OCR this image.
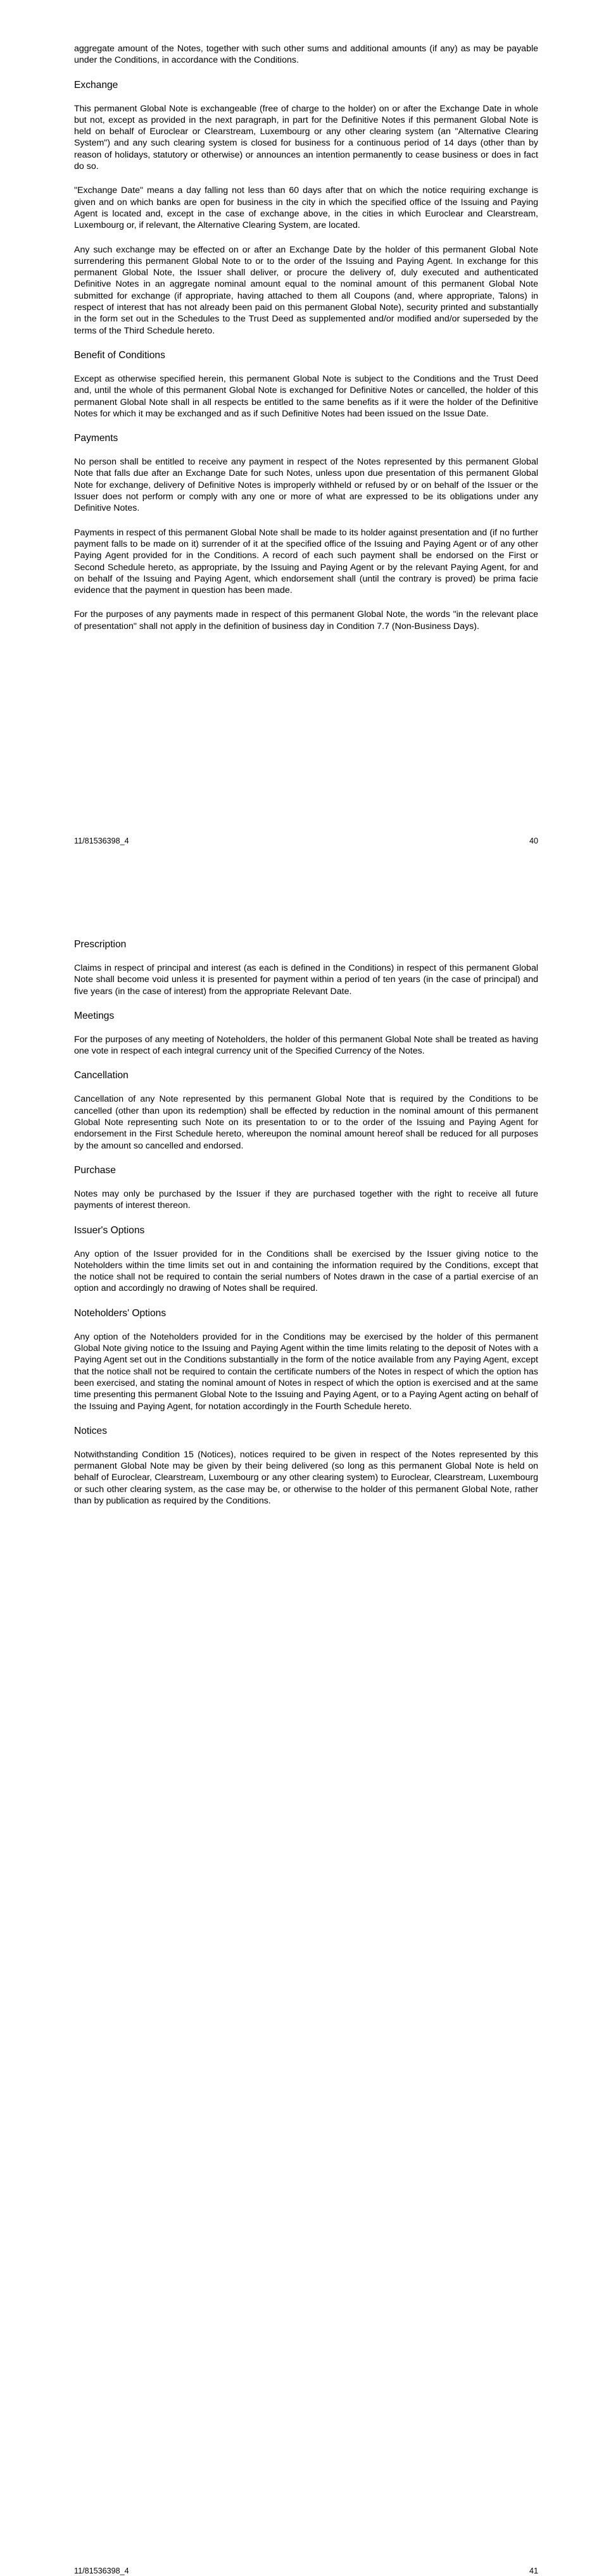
aggregate amount of the Notes, together with such other sums and additional amounts (if any) as may be payable under the Conditions, in accordance with the Conditions.

Exchange

This permanent Global Note is exchangeable (free of charge to the holder) on or after the Exchange Date in whole but not, except as provided in the next paragraph, in part for the Definitive Notes if this permanent Global Note is held on behalf of Euroclear or Clearstream, Luxembourg or any other clearing system (an "Alternative Clearing System") and any such clearing system is closed for business for a continuous period of 14 days (other than by reason of holidays, statutory or otherwise) or announces an intention permanently to cease business or does in fact do so.

"Exchange Date" means a day falling not less than 60 days after that on which the notice requiring exchange is given and on which banks are open for business in the city in which the specified office of the Issuing and Paying Agent is located and, except in the case of exchange above, in the cities in which Euroclear and Clearstream, Luxembourg or, if relevant, the Alternative Clearing System, are located.

Any such exchange may be effected on or after an Exchange Date by the holder of this permanent Global Note surrendering this permanent Global Note to or to the order of the Issuing and Paying Agent. In exchange for this permanent Global Note, the Issuer shall deliver, or procure the delivery of, duly executed and authenticated Definitive Notes in an aggregate nominal amount equal to the nominal amount of this permanent Global Note submitted for exchange (if appropriate, having attached to them all Coupons (and, where appropriate, Talons) in respect of interest that has not already been paid on this permanent Global Note), security printed and substantially in the form set out in the Schedules to the Trust Deed as supplemented and/or modified and/or superseded by the terms of the Third Schedule hereto.

Benefit of Conditions

Except as otherwise specified herein, this permanent Global Note is subject to the Conditions and the Trust Deed and, until the whole of this permanent Global Note is exchanged for Definitive Notes or cancelled, the holder of this permanent Global Note shall in all respects be entitled to the same benefits as if it were the holder of the Definitive Notes for which it may be exchanged and as if such Definitive Notes had been issued on the Issue Date.

Payments

No person shall be entitled to receive any payment in respect of the Notes represented by this permanent Global Note that falls due after an Exchange Date for such Notes, unless upon due presentation of this permanent Global Note for exchange, delivery of Definitive Notes is improperly withheld or refused by or on behalf of the Issuer or the Issuer does not perform or comply with any one or more of what are expressed to be its obligations under any Definitive Notes.

Payments in respect of this permanent Global Note shall be made to its holder against presentation and (if no further payment falls to be made on it) surrender of it at the specified office of the Issuing and Paying Agent or of any other Paying Agent provided for in the Conditions. A record of each such payment shall be endorsed on the First or Second Schedule hereto, as appropriate, by the Issuing and Paying Agent or by the relevant Paying Agent, for and on behalf of the Issuing and Paying Agent, which endorsement shall (until the contrary is proved) be prima facie evidence that the payment in question has been made.

For the purposes of any payments made in respect of this permanent Global Note, the words "in the relevant place of presentation" shall not apply in the definition of business day in Condition 7.7 (Non-Business Days).

11/81536398_4	40
Prescription

Claims in respect of principal and interest (as each is defined in the Conditions) in respect of this permanent Global Note shall become void unless it is presented for payment within a period of ten years (in the case of principal) and five years (in the case of interest) from the appropriate Relevant Date.

Meetings

For the purposes of any meeting of Noteholders, the holder of this permanent Global Note shall be treated as having one vote in respect of each integral currency unit of the Specified Currency of the Notes.

Cancellation

Cancellation of any Note represented by this permanent Global Note that is required by the Conditions to be cancelled (other than upon its redemption) shall be effected by reduction in the nominal amount of this permanent Global Note representing such Note on its presentation to or to the order of the Issuing and Paying Agent for endorsement in the First Schedule hereto, whereupon the nominal amount hereof shall be reduced for all purposes by the amount so cancelled and endorsed.

Purchase

Notes may only be purchased by the Issuer if they are purchased together with the right to receive all future payments of interest thereon.

Issuer's Options

Any option of the Issuer provided for in the Conditions shall be exercised by the Issuer giving notice to the Noteholders within the time limits set out in and containing the information required by the Conditions, except that the notice shall not be required to contain the serial numbers of Notes drawn in the case of a partial exercise of an option and accordingly no drawing of Notes shall be required.

Noteholders' Options

Any option of the Noteholders provided for in the Conditions may be exercised by the holder of this permanent Global Note giving notice to the Issuing and Paying Agent within the time limits relating to the deposit of Notes with a Paying Agent set out in the Conditions substantially in the form of the notice available from any Paying Agent, except that the notice shall not be required to contain the certificate numbers of the Notes in respect of which the option has been exercised, and stating the nominal amount of Notes in respect of which the option is exercised and at the same time presenting this permanent Global Note to the Issuing and Paying Agent, or to a Paying Agent acting on behalf of the Issuing and Paying Agent, for notation accordingly in the Fourth Schedule hereto.

Notices

Notwithstanding Condition 15 (Notices), notices required to be given in respect of the Notes represented by this permanent Global Note may be given by their being delivered (so long as this permanent Global Note is held on behalf of Euroclear, Clearstream, Luxembourg or any other clearing system) to Euroclear, Clearstream, Luxembourg or such other clearing system, as the case may be, or otherwise to the holder of this permanent Global Note, rather than by publication as required by the Conditions.

11/81536398_4	41
